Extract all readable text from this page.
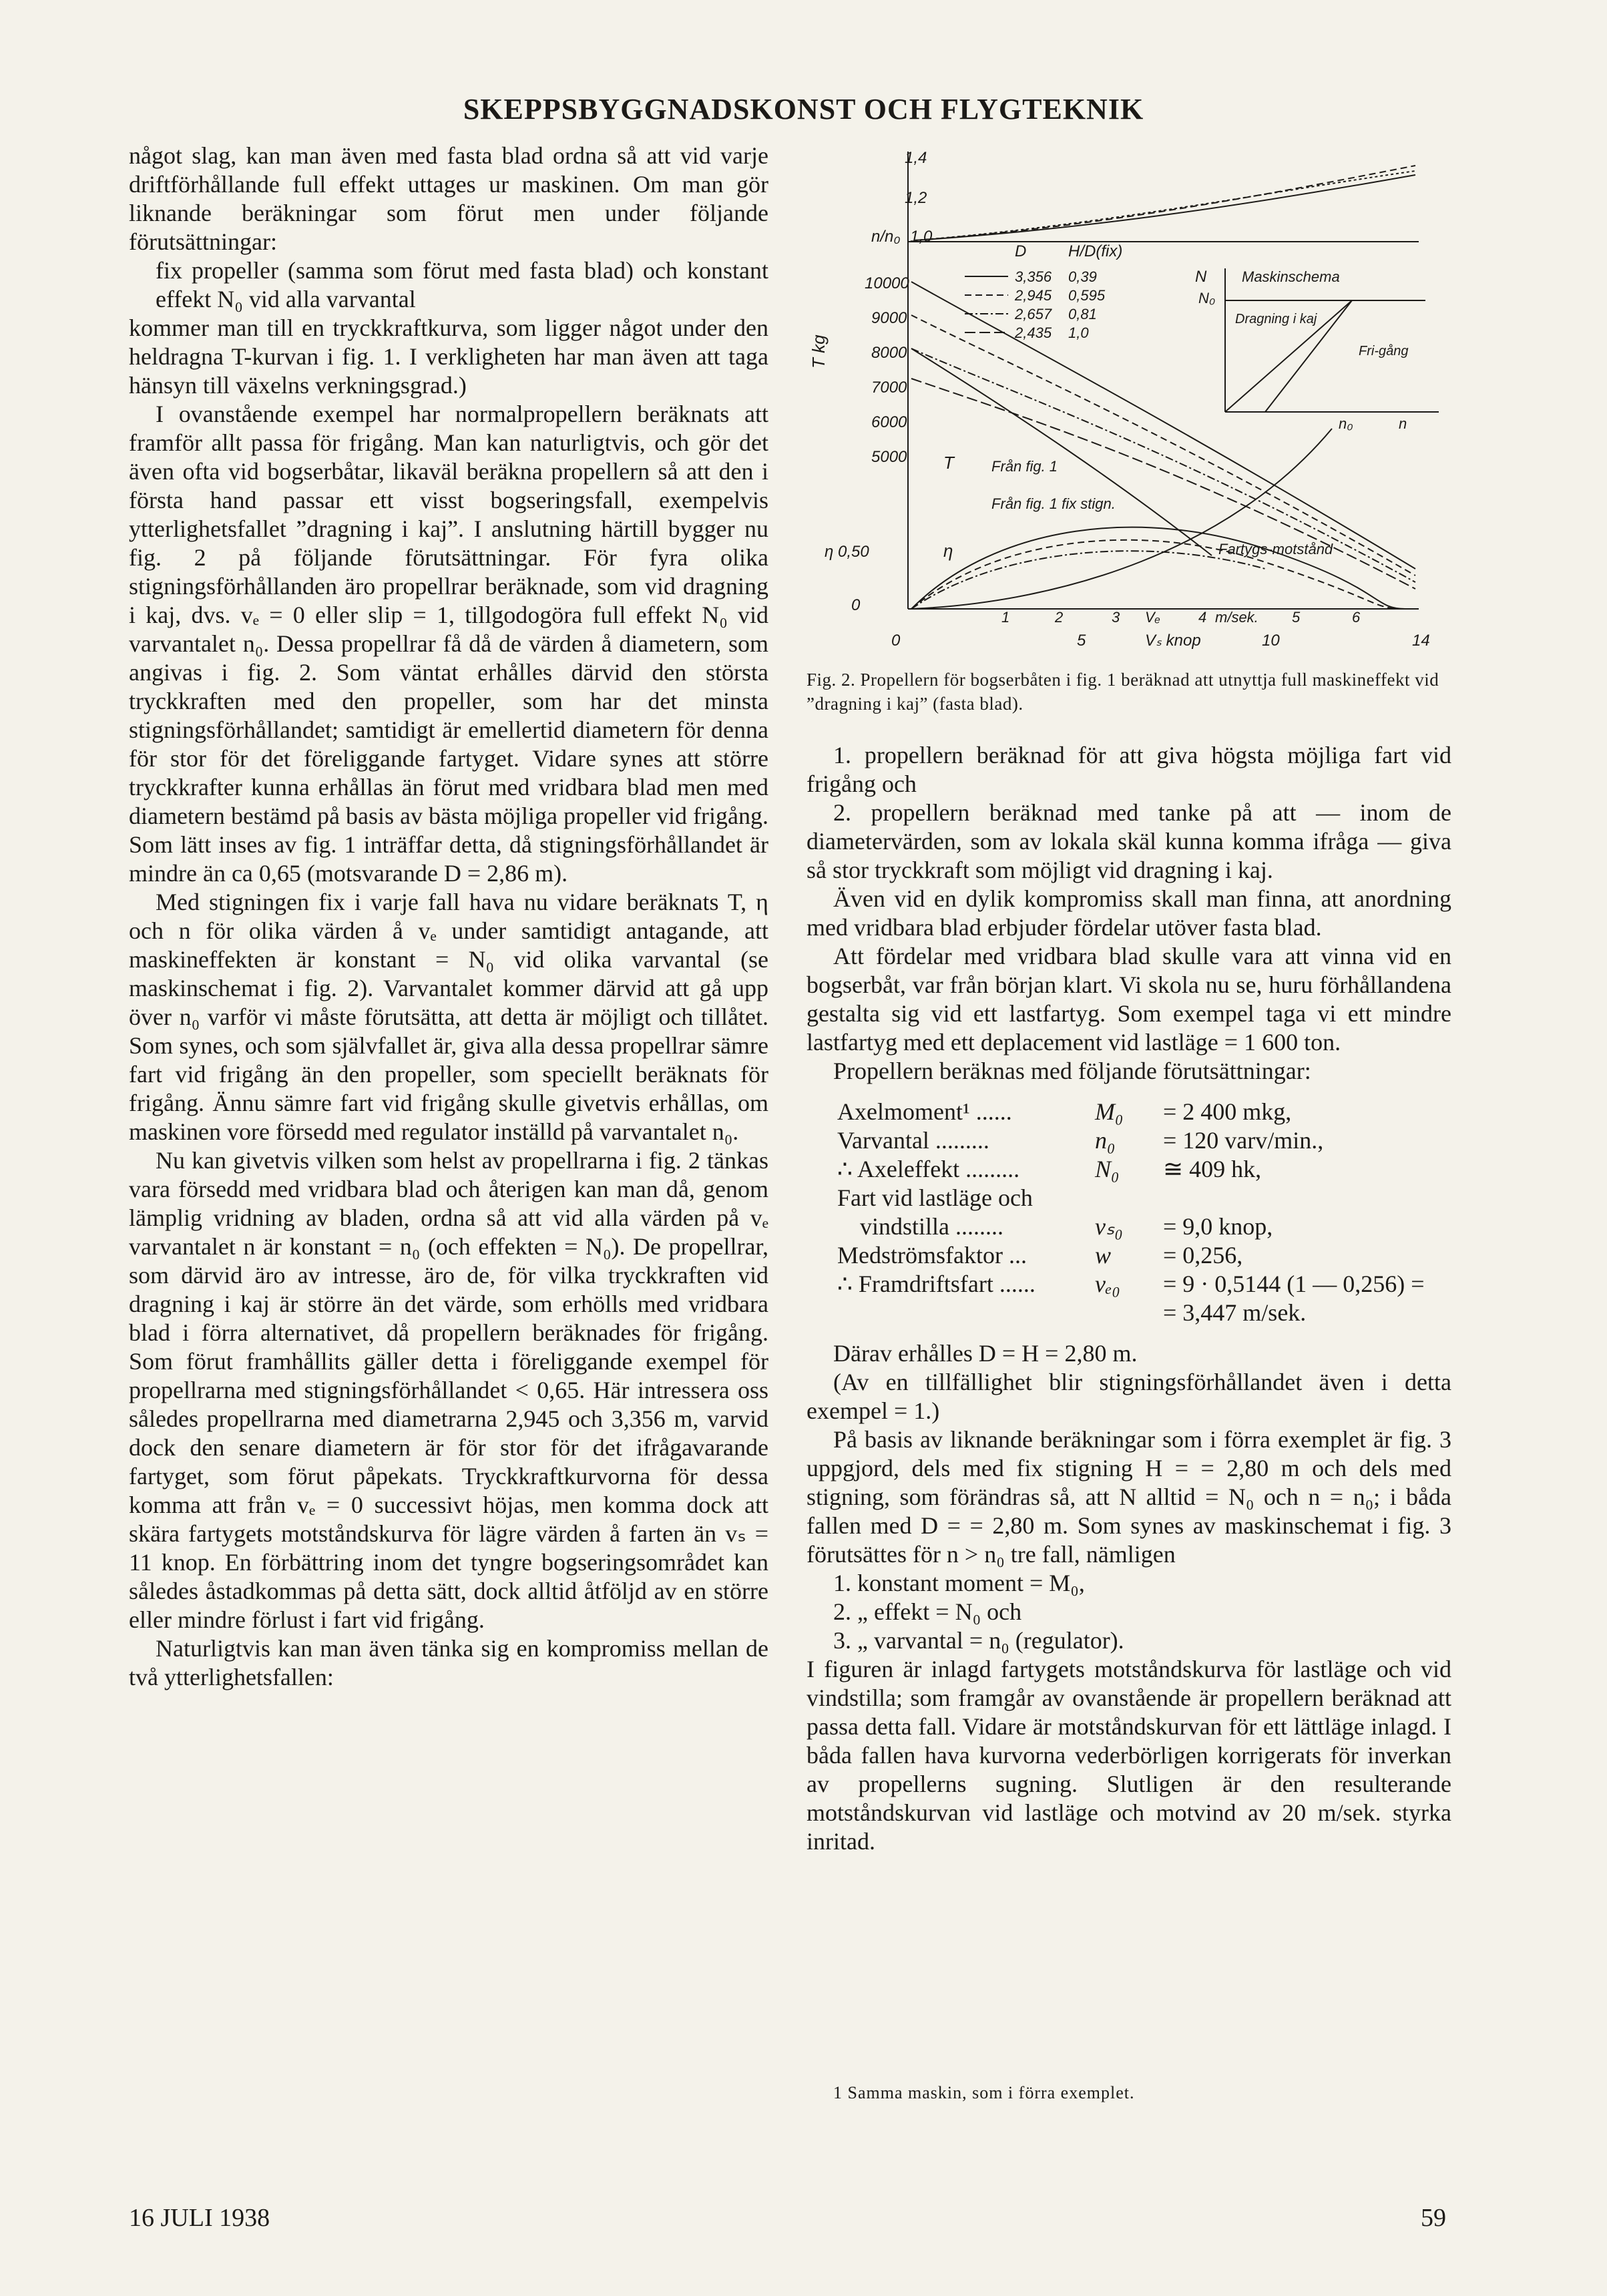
SKEPPSBYGGNADSKONST OCH FLYGTEKNIK

något slag, kan man även med fasta blad ordna så att vid varje driftförhållande full effekt uttages ur maskinen. Om man gör liknande beräkningar som förut men under följande förutsättningar:

fix propeller (samma som förut med fasta blad) och konstant effekt N₀ vid alla varvantal

kommer man till en tryckkraftkurva, som ligger något under den heldragna T-kurvan i fig. 1. I verkligheten har man även att taga hänsyn till växelns verkningsgrad.)

I ovanstående exempel har normalpropellern beräknats att framför allt passa för frigång. Man kan naturligtvis, och gör det även ofta vid bogserbåtar, likaväl beräkna propellern så att den i första hand passar ett visst bogseringsfall, exempelvis ytterlighetsfallet ”dragning i kaj”. I anslutning härtill bygger nu fig. 2 på följande förutsättningar. För fyra olika stigningsförhållanden äro propellrar beräknade, som vid dragning i kaj, dvs. vₑ = 0 eller slip = 1, tillgodogöra full effekt N₀ vid varvantalet n₀. Dessa propellrar få då de värden å diametern, som angivas i fig. 2. Som väntat erhålles därvid den största tryckkraften med den propeller, som har det minsta stigningsförhållandet; samtidigt är emellertid diametern för denna för stor för det föreliggande fartyget. Vidare synes att större tryckkrafter kunna erhållas än förut med vridbara blad men med diametern bestämd på basis av bästa möjliga propeller vid frigång. Som lätt inses av fig. 1 inträffar detta, då stigningsförhållandet är mindre än ca 0,65 (motsvarande D = 2,86 m).

Med stigningen fix i varje fall hava nu vidare beräknats T, η och n för olika värden å vₑ under samtidigt antagande, att maskineffekten är konstant = N₀ vid olika varvantal (se maskinschemat i fig. 2). Varvantalet kommer därvid att gå upp över n₀ varför vi måste förutsätta, att detta är möjligt och tillåtet. Som synes, och som självfallet är, giva alla dessa propellrar sämre fart vid frigång än den propeller, som speciellt beräknats för frigång. Ännu sämre fart vid frigång skulle givetvis erhållas, om maskinen vore försedd med regulator inställd på varvantalet n₀.

Nu kan givetvis vilken som helst av propellrarna i fig. 2 tänkas vara försedd med vridbara blad och återigen kan man då, genom lämplig vridning av bladen, ordna så att vid alla värden på vₑ varvantalet n är konstant = n₀ (och effekten = N₀). De propellrar, som därvid äro av intresse, äro de, för vilka tryckkraften vid dragning i kaj är större än det värde, som erhölls med vridbara blad i förra alternativet, då propellern beräknades för frigång. Som förut framhållits gäller detta i föreliggande exempel för propellrarna med stigningsförhållandet < 0,65. Här intressera oss således propellrarna med diametrarna 2,945 och 3,356 m, varvid dock den senare diametern är för stor för det ifrågavarande fartyget, som förut påpekats. Tryckkraftkurvorna för dessa komma att från vₑ = 0 successivt höjas, men komma dock att skära fartygets motståndskurva för lägre värden å farten än vₛ = 11 knop. En förbättring inom det tyngre bogseringsområdet kan således åstadkommas på detta sätt, dock alltid åtföljd av en större eller mindre förlust i fart vid frigång.

Naturligtvis kan man även tänka sig en kompromiss mellan de två ytterlighetsfallen:

1,4
1,2
n/n₀ 1,0
10000
9000
8000
7000
6000
5000
T kg
η 0,50
0
D	H/D(fix)
3,356 0,39
2,945 0,595
2,657 0,81
2,435 1,0
N Maskinschema
N₀
Dragning i kaj
Fri-gång
n₀	n
T	Från fig. 1
Från fig. 1 fix stign.
η	Fartygs-motstånd
1	2	3 Vₑ	4 m/sek. 5	6
0	5	Vₛ knop	10	14
Fig. 2. Propellern för bogserbåten i fig. 1 beräknad att utnyttja full maskineffekt vid ”dragning i kaj” (fasta blad).

1. propellern beräknad för att giva högsta möjliga fart vid frigång och

2. propellern beräknad med tanke på att — inom de diametervärden, som av lokala skäl kunna komma ifråga — giva så stor tryckkraft som möjligt vid dragning i kaj.

Även vid en dylik kompromiss skall man finna, att anordning med vridbara blad erbjuder fördelar utöver fasta blad.

Att fördelar med vridbara blad skulle vara att vinna vid en bogserbåt, var från början klart. Vi skola nu se, huru förhållandena gestalta sig vid ett lastfartyg. Som exempel taga vi ett mindre lastfartyg med ett deplacement vid lastläge = 1 600 ton.

Propellern beräknas med följande förutsättningar:

Axelmoment¹ ......	M₀	= 2 400 mkg,
Varvantal .........	n₀	= 120 varv/min.,
∴ Axeleffekt .........	N₀	≅ 409 hk,
Fart vid lastläge och		
vindstilla ........	vₛ₀	= 9,0 knop,
Medströmsfaktor ...	w	= 0,256,
∴ Framdriftsfart ......	vₑ₀	= 9 · 0,5144 (1 — 0,256) =
		= 3,447 m/sek.

Därav erhålles D = H = 2,80 m.

(Av en tillfällighet blir stigningsförhållandet även i detta exempel = 1.)

På basis av liknande beräkningar som i förra exemplet är fig. 3 uppgjord, dels med fix stigning H = = 2,80 m och dels med stigning, som förändras så, att N alltid = N₀ och n = n₀; i båda fallen med D = = 2,80 m. Som synes av maskinschemat i fig. 3 förutsättes för n > n₀ tre fall, nämligen

1. konstant moment = M₀,

2. „ effekt = N₀ och

3. „ varvantal = n₀ (regulator).

I figuren är inlagd fartygets motståndskurva för lastläge och vid vindstilla; som framgår av ovanstående är propellern beräknad att passa detta fall. Vidare är motståndskurvan för ett lättläge inlagd. I båda fallen hava kurvorna vederbörligen korrigerats för inverkan av propellerns sugning. Slutligen är den resulterande motståndskurvan vid lastläge och motvind av 20 m/sek. styrka inritad.

1 Samma maskin, som i förra exemplet.
16 JULI 1938	59
